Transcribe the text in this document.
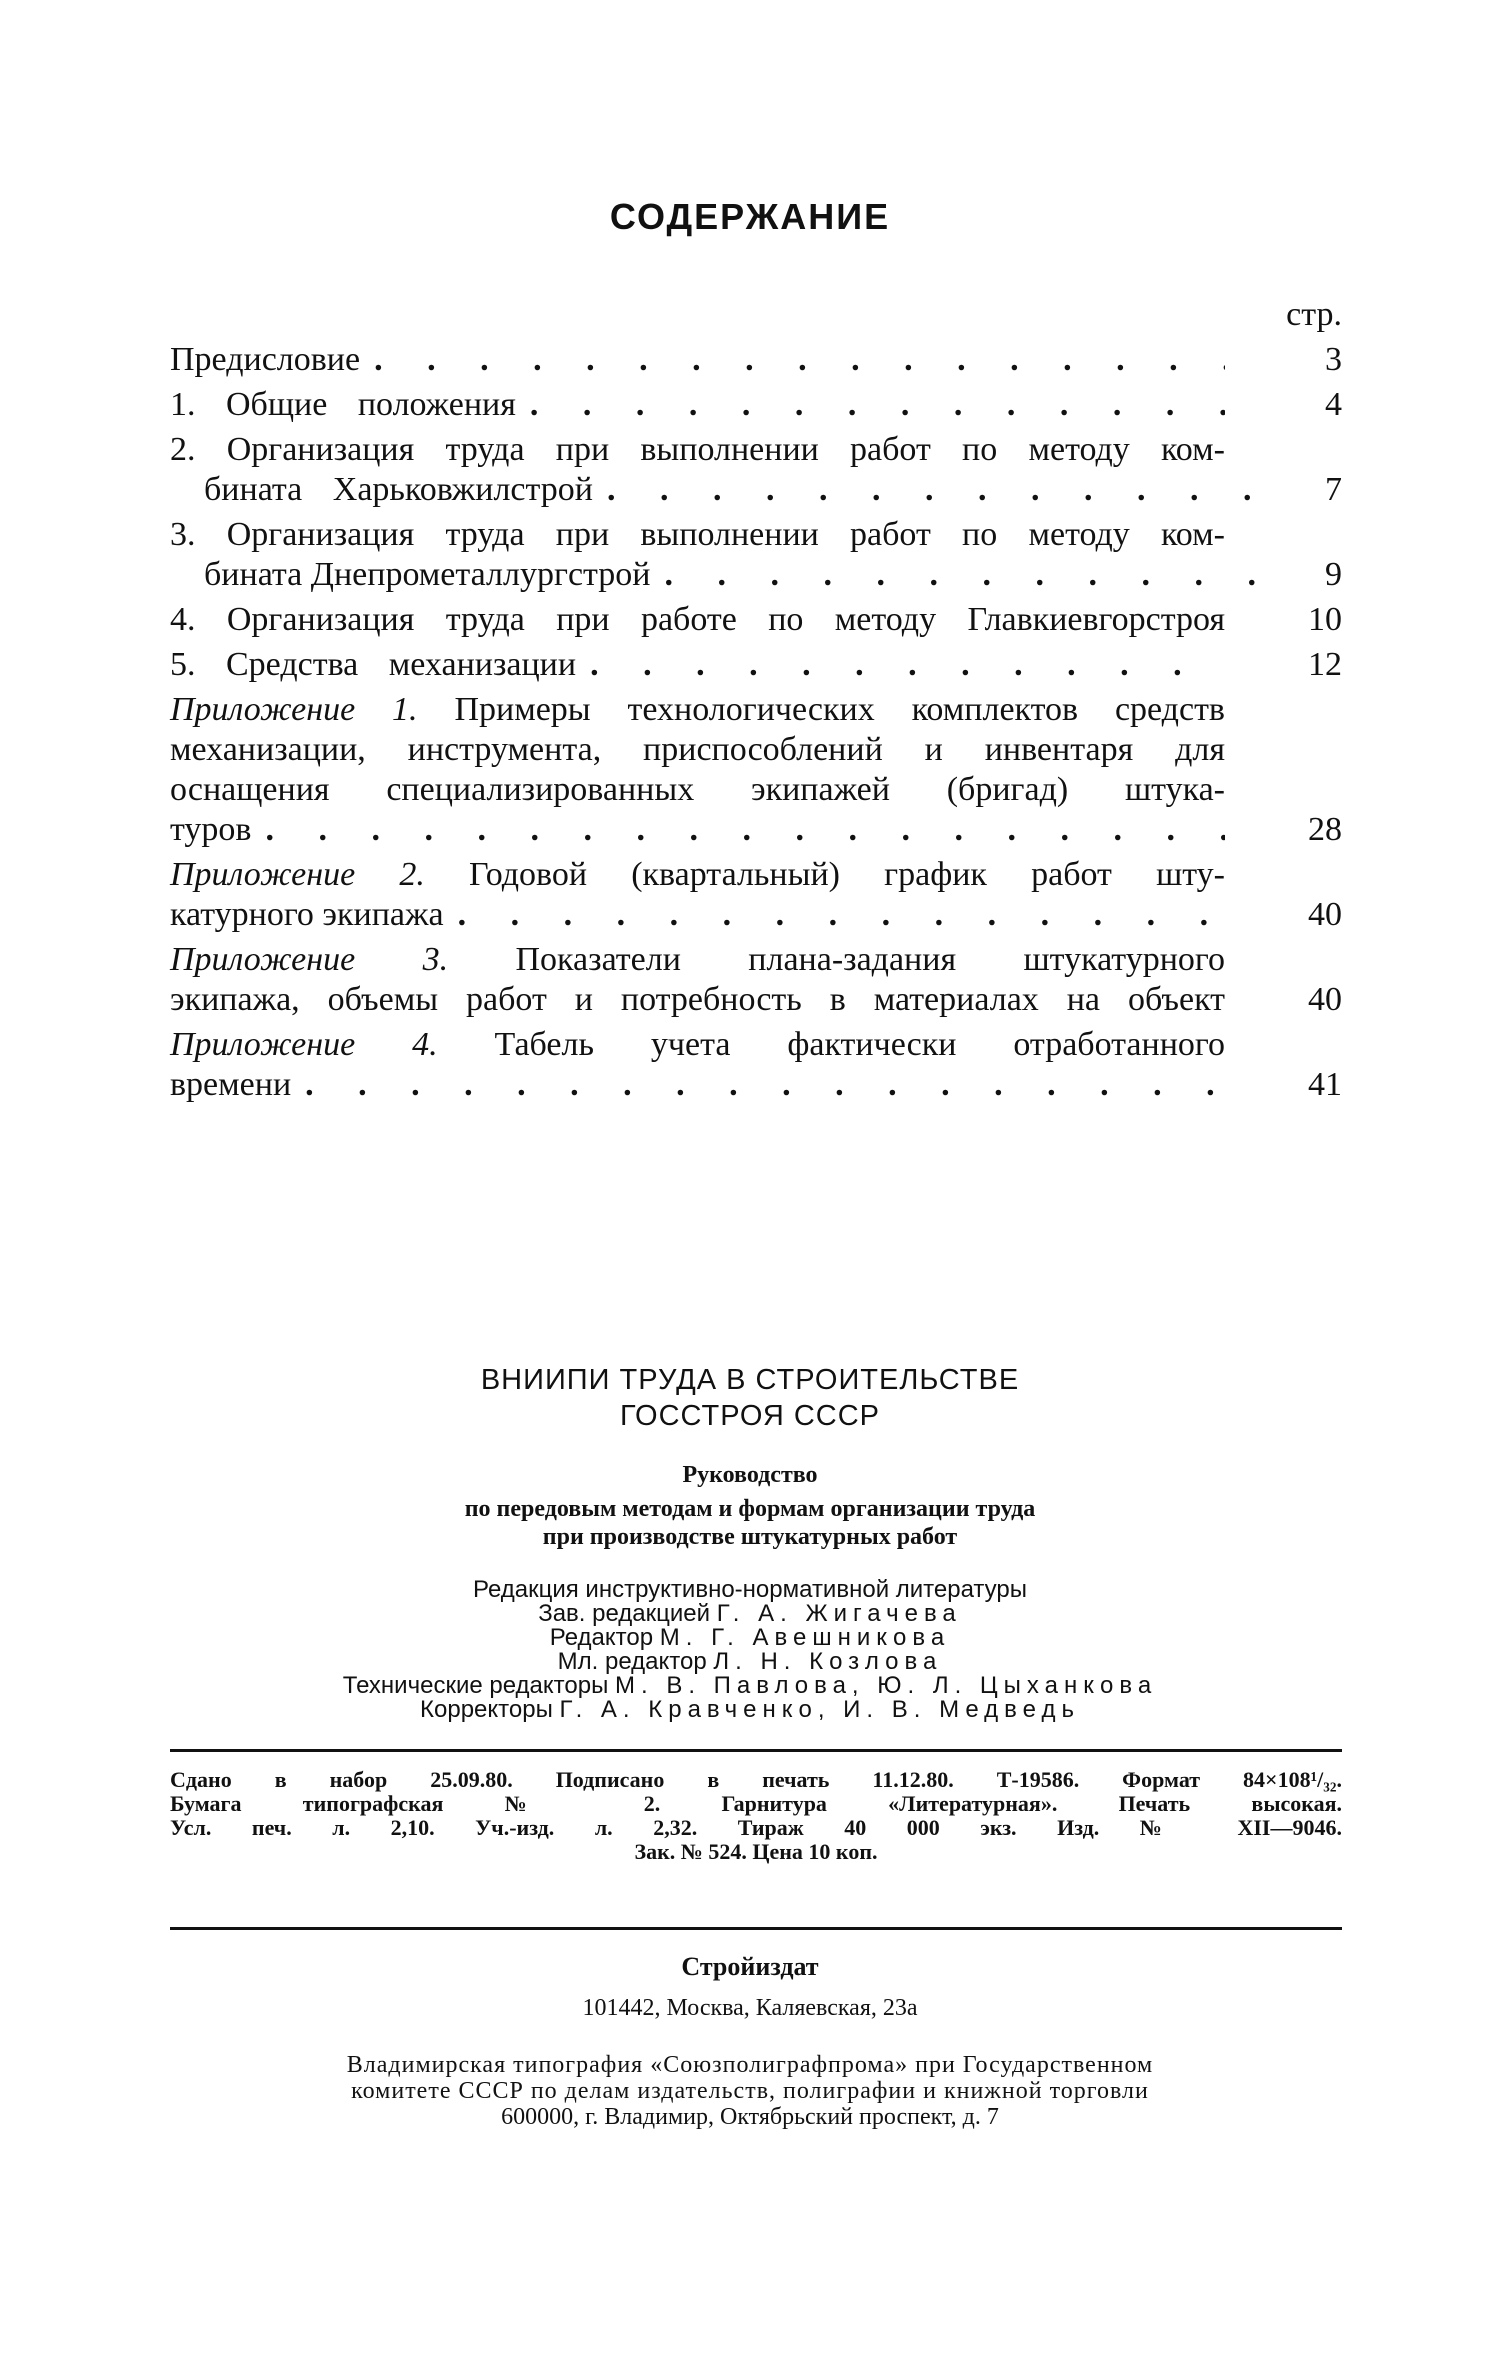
СОДЕРЖАНИЕ
стр.
Предисловие . . .	3
1. Общие положения . . .	4
2. Организация труда при выполнении работ по методу ком-
бината Харьковжилстрой . . .	7
3. Организация труда при выполнении работ по методу ком-
бината Днепрометаллургстрой . . .	9
4. Организация труда при работе по методу Главкиевгорстроя	10
5. Средства механизации . . .	12
Приложение 1. Примеры технологических комплектов средств
механизации, инструмента, приспособлений и инвентаря для
оснащения специализированных экипажей (бригад) штука-
туров . . .	28
Приложение 2. Годовой (квартальный) график работ шту-
катурного экипажа . . .	40
Приложение 3. Показатели плана-задания штукатурного
экипажа, объемы работ и потребность в материалах на объект	40
Приложение 4. Табель учета фактически отработанного
времени . . .	41
ВНИИПИ ТРУДА В СТРОИТЕЛЬСТВЕ
ГОССТРОЯ СССР
Руководство
по передовым методам и формам организации труда
при производстве штукатурных работ
Редакция инструктивно-нормативной литературы
Зав. редакцией Г. А. Жигачева
Редактор М. Г. Авешникова
Мл. редактор Л. Н. Козлова
Технические редакторы М. В. Павлова, Ю. Л. Цыханкова
Корректоры Г. А. Кравченко, И. В. Медведь
Сдано в набор 25.09.80. Подписано в печать 11.12.80. Т-19586. Формат 84×108¹/₃₂.
Бумага типографская № 2. Гарнитура «Литературная». Печать высокая.
Усл. печ. л. 2,10. Уч.-изд. л. 2,32. Тираж 40 000 экз. Изд. № XII—9046.
Зак. № 524. Цена 10 коп.
Стройиздат
101442, Москва, Каляевская, 23а
Владимирская типография «Союзполиграфпрома» при Государственном
комитете СССР по делам издательств, полиграфии и книжной торговли
600000, г. Владимир, Октябрьский проспект, д. 7
